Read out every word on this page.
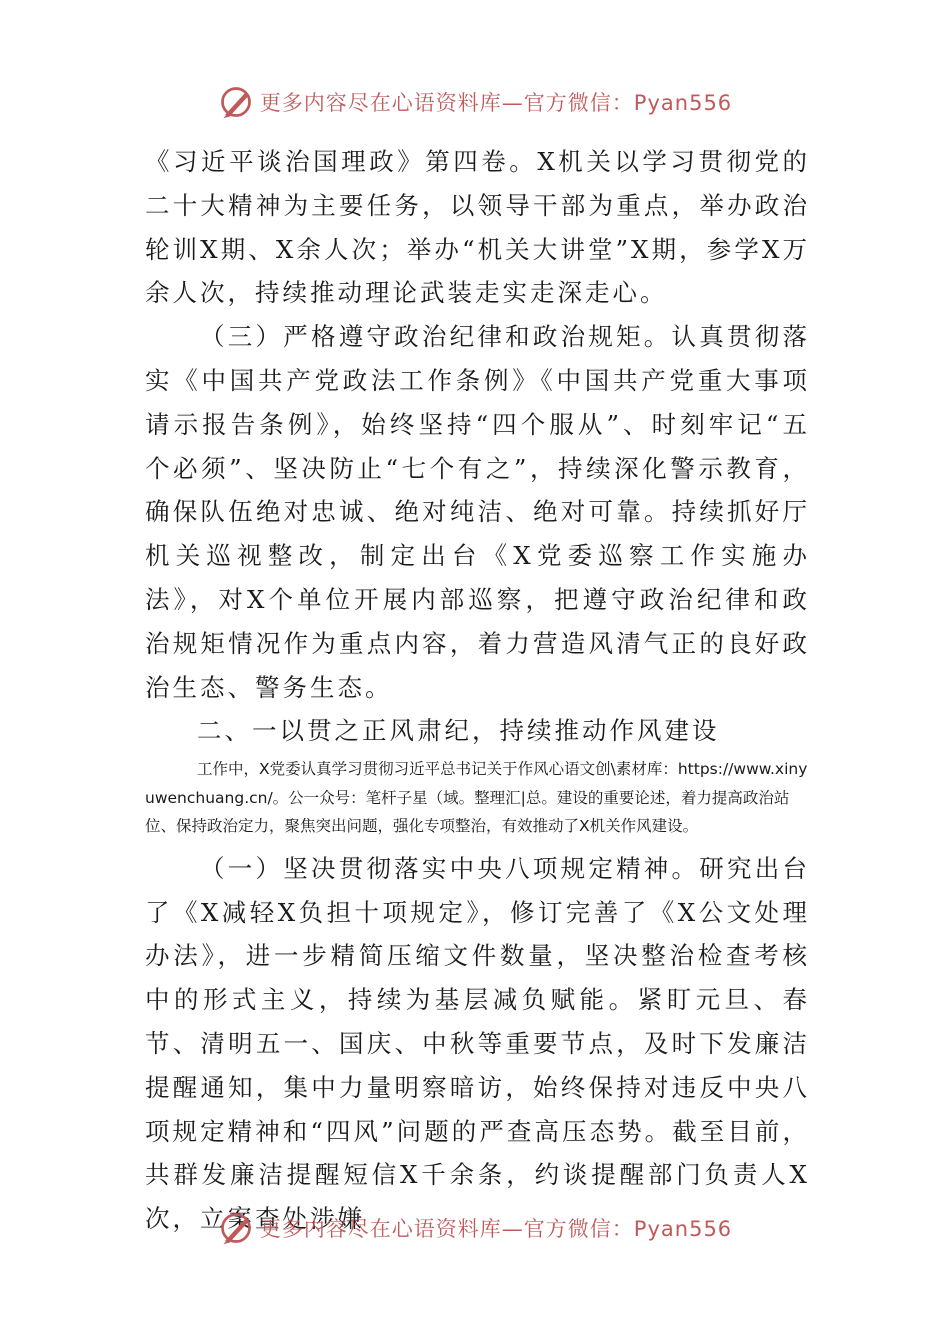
更多内容尽在心语资料库—官方微信：Pyan556

《习近平谈治国理政》第四卷。X机关以学习贯彻党的二十大精神为主要任务，以领导干部为重点，举办政治轮训X期、X余人次；举办“机关大讲堂”X期，参学X万余人次，持续推动理论武装走实走深走心。

（三）严格遵守政治纪律和政治规矩。认真贯彻落实《中国共产党政法工作条例》《中国共产党重大事项请示报告条例》，始终坚持“四个服从”、时刻牢记“五个必须”、坚决防止“七个有之”，持续深化警示教育，确保队伍绝对忠诚、绝对纯洁、绝对可靠。持续抓好厅机关巡视整改，制定出台《X党委巡察工作实施办法》，对X个单位开展内部巡察，把遵守政治纪律和政治规矩情况作为重点内容，着力营造风清气正的良好政治生态、警务生态。

二、一以贯之正风肃纪，持续推动作风建设

工作中，X党委认真学习贯彻习近平总书记关于作风心语文创\素材库：https://www.xinyuwenchuang.cn/。公一众号：笔杆子星（域。整理汇|总。建设的重要论述，着力提高政治站位、保持政治定力，聚焦突出问题，强化专项整治，有效推动了X机关作风建设。

（一）坚决贯彻落实中央八项规定精神。研究出台了《X减轻X负担十项规定》，修订完善了《X公文处理办法》，进一步精简压缩文件数量，坚决整治检查考核中的形式主义，持续为基层减负赋能。紧盯元旦、春节、清明五一、国庆、中秋等重要节点，及时下发廉洁提醒通知，集中力量明察暗访，始终保持对违反中央八项规定精神和“四风”问题的严查高压态势。截至目前，共群发廉洁提醒短信X千余条，约谈提醒部门负责人X次，立案查处涉嫌

更多内容尽在心语资料库—官方微信：Pyan556
